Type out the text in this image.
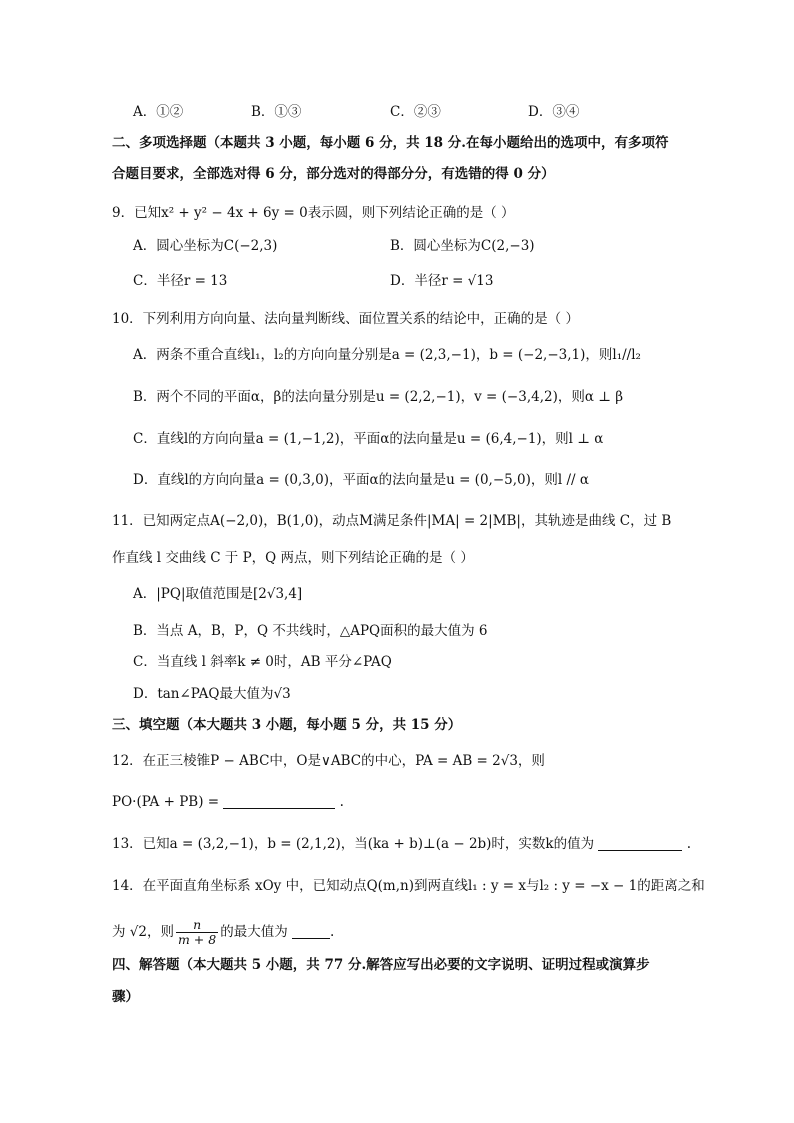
A．①②	B．①③	C．②③	D．③④
二、多项选择题（本题共 3 小题，每小题 6 分，共 18 分.在每小题给出的选项中，有多项符
合题目要求，全部选对得 6 分，部分选对的得部分分，有选错的得 0 分）
9．已知x² + y² − 4x + 6y = 0表示圆，则下列结论正确的是（ ）
A．圆心坐标为C(−2,3)	B．圆心坐标为C(2,−3)
C．半径r = 13	D．半径r = √13
10．下列利用方向向量、法向量判断线、面位置关系的结论中，正确的是（ ）
A．两条不重合直线l₁，l₂的方向向量分别是a = (2,3,−1)，b = (−2,−3,1)，则l₁//l₂
B．两个不同的平面α，β的法向量分别是u = (2,2,−1)，v = (−3,4,2)，则α ⊥ β
C．直线l的方向向量a = (1,−1,2)，平面α的法向量是u = (6,4,−1)，则l ⊥ α
D．直线l的方向向量a = (0,3,0)，平面α的法向量是u = (0,−5,0)，则l // α
11．已知两定点A(−2,0)，B(1,0)，动点M满足条件|MA| = 2|MB|，其轨迹是曲线 C，过 B
作直线 l 交曲线 C 于 P，Q 两点，则下列结论正确的是（ ）
A．|PQ|取值范围是[2√3,4]
B．当点 A，B，P，Q 不共线时，△APQ面积的最大值为 6
C．当直线 l 斜率k ≠ 0时，AB 平分∠PAQ
D．tan∠PAQ最大值为√3
三、填空题（本大题共 3 小题，每小题 5 分，共 15 分）
12．在正三棱锥P − ABC中，O是∨ABC的中心，PA = AB = 2√3，则
PO·(PA + PB) =	.
13．已知a = (3,2,−1)，b = (2,1,2)，当(ka + b)⊥(a − 2b)时，实数k的值为	.
14．在平面直角坐标系 xOy 中，已知动点Q(m,n)到两直线l₁ : y = x与l₂ : y = −x − 1的距离之和
为 √2，则 $\frac{n}{m + 8}$ 的最大值为	.
四、解答题（本大题共 5 小题，共 77 分.解答应写出必要的文字说明、证明过程或演算步
骤）
